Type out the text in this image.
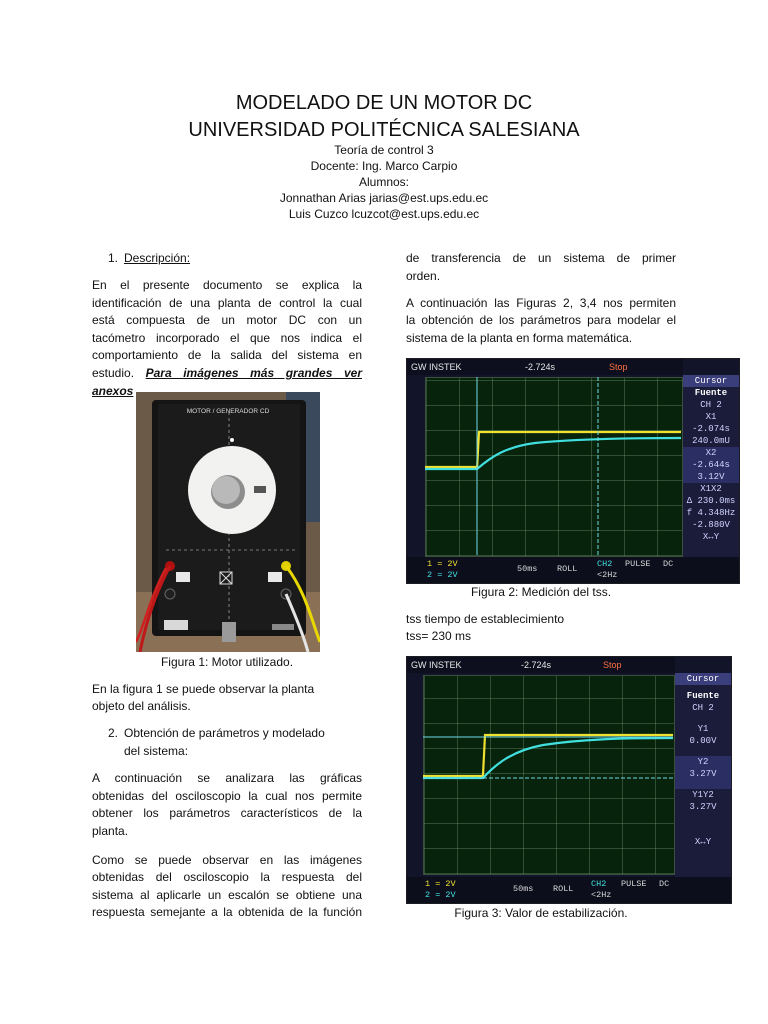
MODELADO DE UN MOTOR DC
UNIVERSIDAD POLITÉCNICA SALESIANA
Teoría de control 3
Docente: Ing. Marco Carpio
Alumnos:
Jonnathan Arias jarias@est.ups.edu.ec
Luis Cuzco lcuzcot@est.ups.edu.ec
1. Descripción:
En el presente documento se explica la
identificación de una planta de control la cual
está compuesta de un motor DC con un
tacómetro incorporado el que nos indica el
comportamiento de la salida del sistema en
estudio. Para imágenes más grandes ver anexos
MOTOR / GENERADOR CD
Figura 1: Motor utilizado.
En la figura 1 se puede observar la planta
objeto del análisis.
2. Obtención de parámetros y modelado
del sistema:
A continuación se analizara las gráficas
obtenidas del osciloscopio la cual nos permite
obtener los parámetros característicos de la
planta.
Como se puede observar en las imágenes
obtenidas del osciloscopio la respuesta del
sistema al aplicarle un escalón se obtiene una
respuesta semejante a la obtenida de la función
de transferencia de un sistema de primer
orden.
A continuación las Figuras 2, 3,4 nos permiten
la obtención de los parámetros para modelar el
sistema de la planta en forma matemática.
GW INSTEK	-2.724s	Stop
Cursor
Fuente
CH 2
X1
-2.074s
240.0mU
X2
-2.644s
3.12V
X1X2
Δ 230.0ms
f 4.348Hz
-2.880V
X↔Y
1 = 2V
2 = 2V
50ms ROLL CH2
<2Hz
PULSE DC
Figura 2: Medición del tss.
tss tiempo de establecimiento
tss= 230 ms
GW INSTEK	-2.724s	Stop
Cursor
Fuente
CH 2
Y1
0.00V
Y2
3.27V
Y1Y2
3.27V
X↔Y
1 = 2V
2 = 2V
50ms ROLL CH2
<2Hz
PULSE DC
Figura 3: Valor de estabilización.
